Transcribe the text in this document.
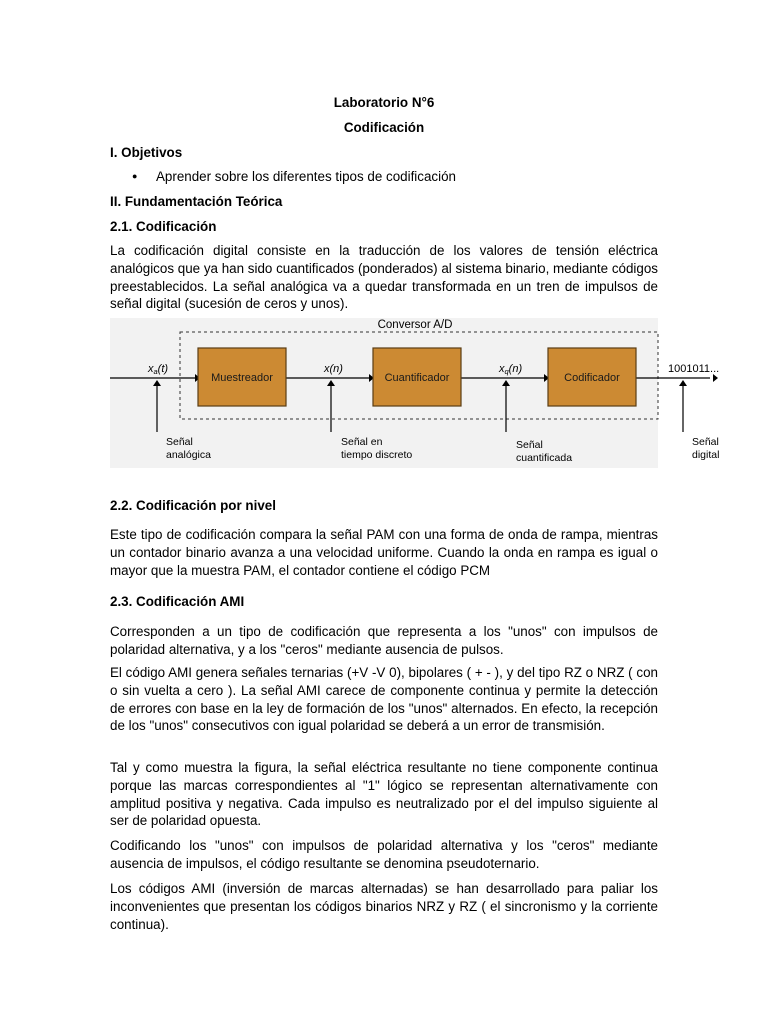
Laboratorio N°6
Codificación
I. Objetivos
● Aprender sobre los diferentes tipos de codificación
II. Fundamentación Teórica
2.1. Codificación
La codificación digital consiste en la traducción de los valores de tensión eléctrica analógicos que ya han sido cuantificados (ponderados) al sistema binario, mediante códigos preestablecidos. La señal analógica va a quedar transformada en un tren de impulsos de señal digital (sucesión de ceros y unos).
Conversor A/D
Muestreador	Cuantificador	Codificador
xa(t)	x(n)	xq(n)	1001011...
Señal
analógica
Señal en
tiempo discreto
Señal
cuantificada
Señal
digital
2.2. Codificación por nivel
Este tipo de codificación compara la señal PAM con una forma de onda de rampa, mientras un contador binario avanza a una velocidad uniforme. Cuando la onda en rampa es igual o mayor que la muestra PAM, el contador contiene el código PCM
2.3. Codificación AMI
Corresponden a un tipo de codificación que representa a los "unos" con impulsos de polaridad alternativa, y a los "ceros" mediante ausencia de pulsos.
El código AMI genera señales ternarias (+V -V 0), bipolares ( + - ), y del tipo RZ o NRZ ( con o sin vuelta a cero ). La señal AMI carece de componente continua y permite la detección de errores con base en la ley de formación de los "unos" alternados. En efecto, la recepción de los "unos" consecutivos con igual polaridad se deberá a un error de transmisión.
Tal y como muestra la figura, la señal eléctrica resultante no tiene componente continua porque las marcas correspondientes al "1" lógico se representan alternativamente con amplitud positiva y negativa. Cada impulso es neutralizado por el del impulso siguiente al ser de polaridad opuesta.
Codificando los "unos" con impulsos de polaridad alternativa y los "ceros" mediante ausencia de impulsos, el código resultante se denomina pseudoternario.
Los códigos AMI (inversión de marcas alternadas) se han desarrollado para paliar los inconvenientes que presentan los códigos binarios NRZ y RZ ( el sincronismo y la corriente continua).
